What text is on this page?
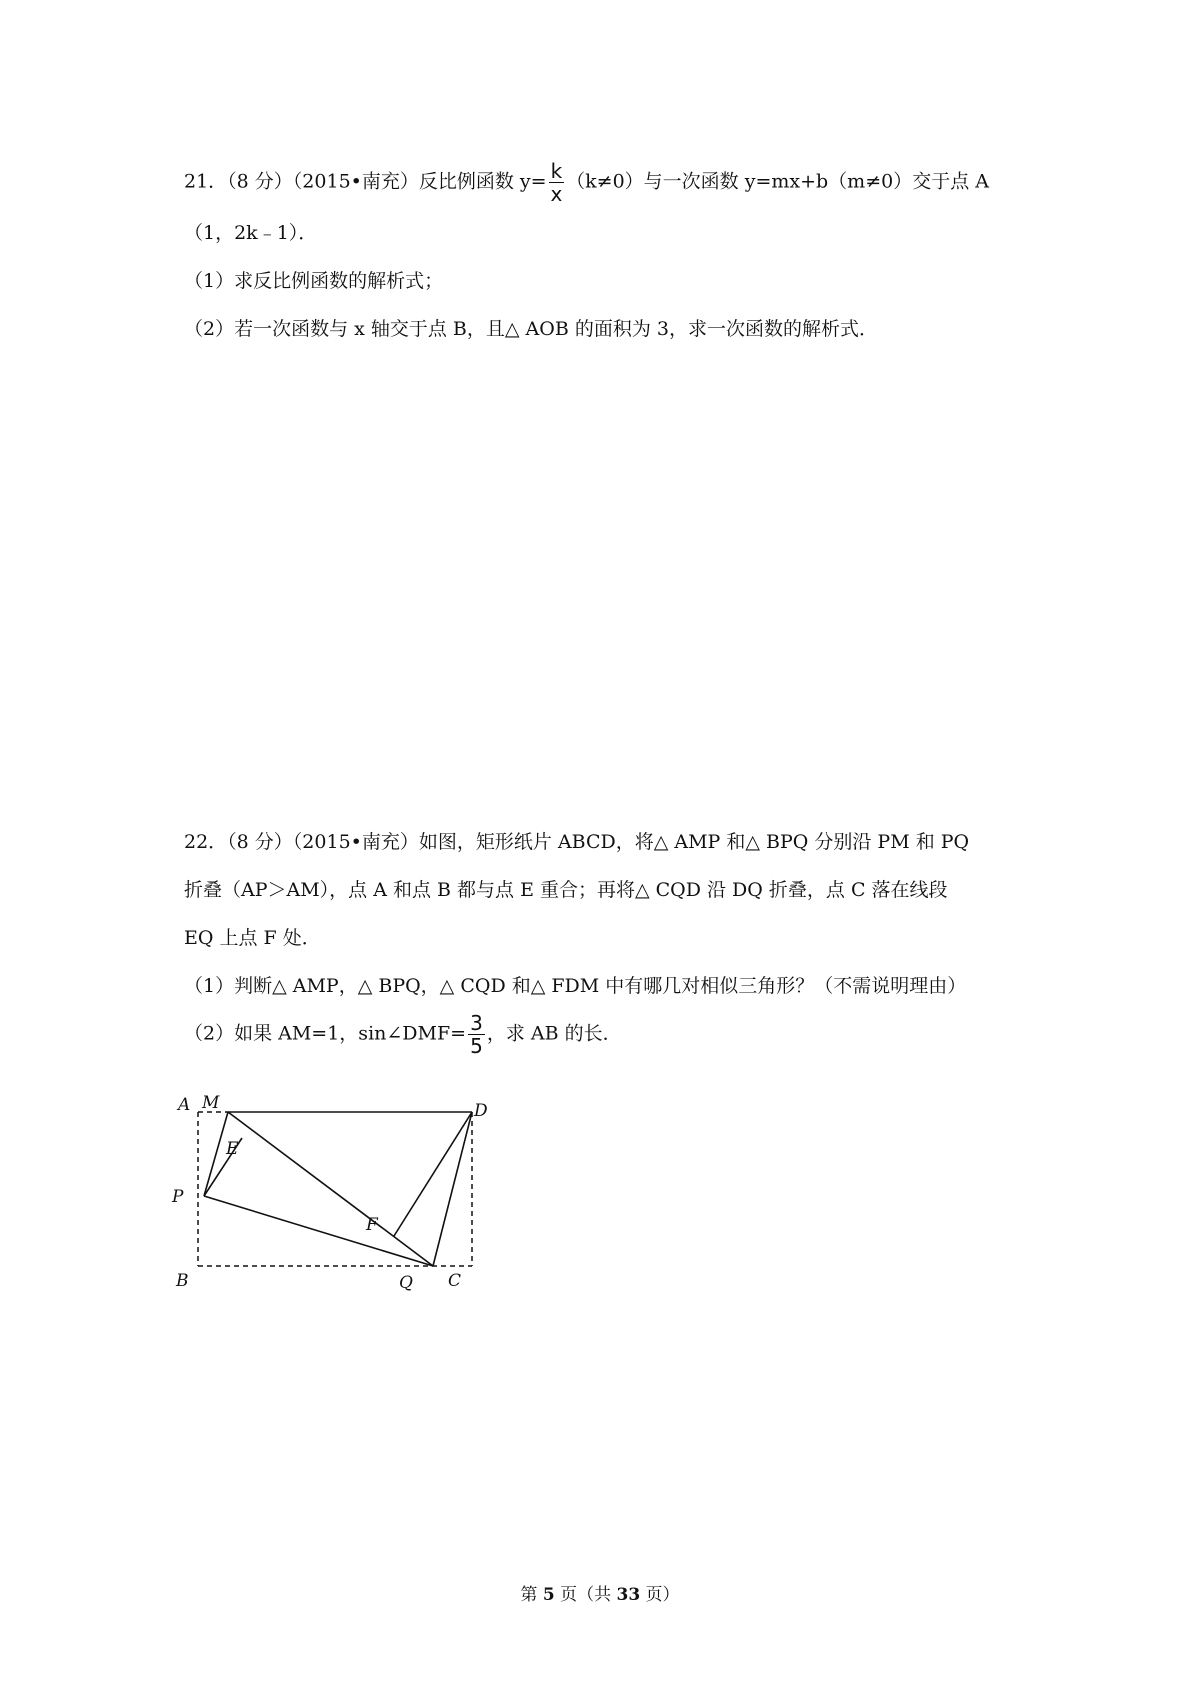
21．（8 分）（2015•南充）反比例函数 $y= \frac{k}{x} (k\ne 0)$与一次函数 y=mx+b（m≠0）交于点 A
（1，2k﹣1）．
（1）求反比例函数的解析式；
（2）若一次函数与 x 轴交于点 B，且△ AOB 的面积为 3，求一次函数的解析式．
22．（8 分）（2015•南充）如图，矩形纸片 ABCD，将△ AMP 和△ BPQ 分别沿 PM 和 PQ
折叠（AP＞AM），点 A 和点 B 都与点 E 重合；再将△ CQD 沿 DQ 折叠，点 C 落在线段
EQ 上点 F 处．
（1）判断△ AMP，△ BPQ，△ CQD 和△ FDM 中有哪几对相似三角形？（不需说明理由）
（2）如果 AM=1，sin∠DMF= $\frac{3}{5}$ ，求 AB 的长．
A M	D
E
P
F
B	Q C
第 5 页（共 33 页）
